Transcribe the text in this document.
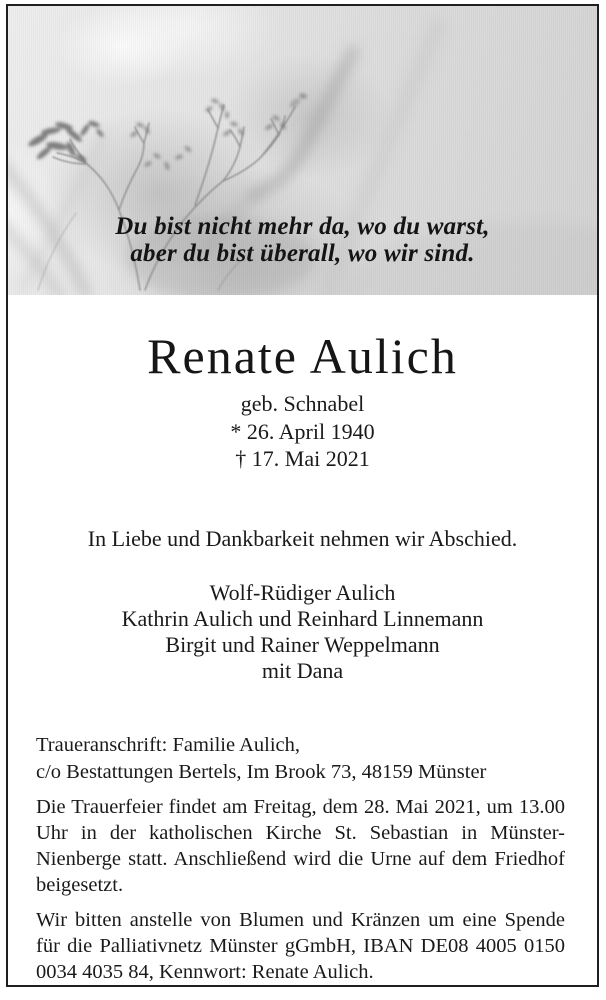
Du bist nicht mehr da, wo du warst,
aber du bist überall, wo wir sind.
Renate Aulich
geb. Schnabel
* 26. April 1940
† 17. Mai 2021
In Liebe und Dankbarkeit nehmen wir Abschied.
Wolf-Rüdiger Aulich
Kathrin Aulich und Reinhard Linnemann
Birgit und Rainer Weppelmann
mit Dana
Traueranschrift: Familie Aulich,
c/o Bestattungen Bertels, Im Brook 73, 48159 Münster
Die Trauerfeier findet am Freitag, dem 28. Mai 2021, um 13.00
Uhr in der katholischen Kirche St. Sebastian in Münster-
Nienberge statt. Anschließend wird die Urne auf dem Friedhof
beigesetzt.
Wir bitten anstelle von Blumen und Kränzen um eine Spende
für die Palliativnetz Münster gGmbH, IBAN DE08 4005 0150
0034 4035 84, Kennwort: Renate Aulich.
